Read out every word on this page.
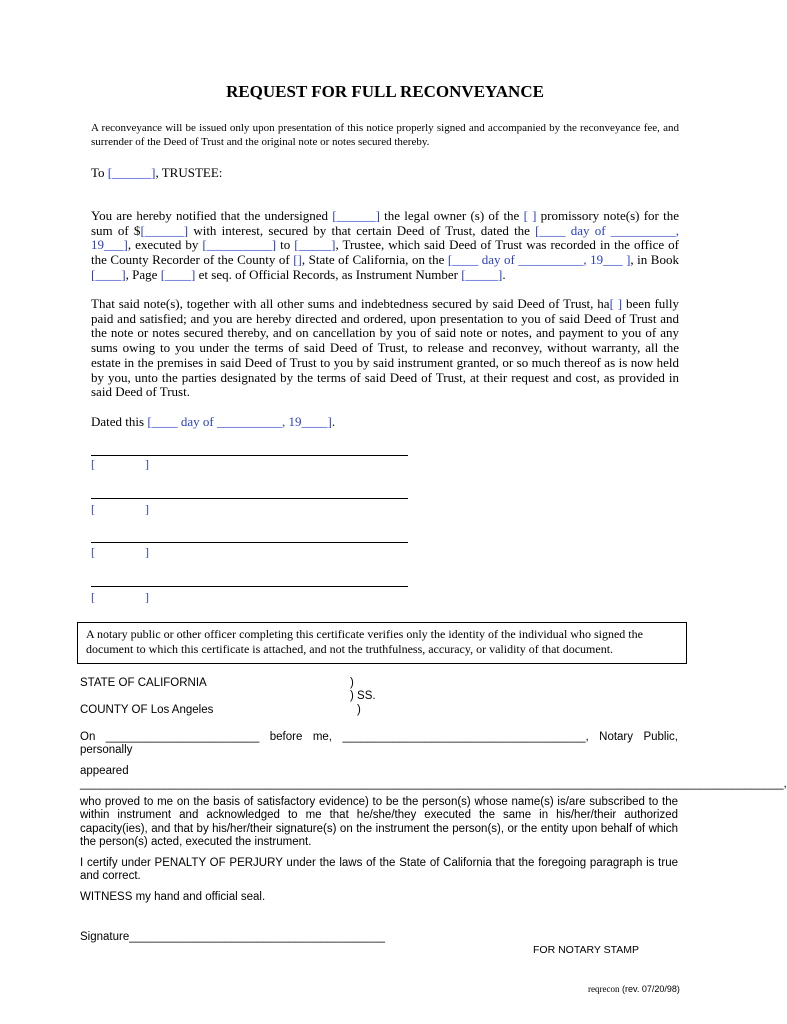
REQUEST FOR FULL RECONVEYANCE
A reconveyance will be issued only upon presentation of this notice properly signed and accompanied by the reconveyance fee, and surrender of the Deed of Trust and the original note or notes secured thereby.
To [______], TRUSTEE:
You are hereby notified that the undersigned [______] the legal owner (s) of the [ ] promissory note(s) for the sum of $[______] with interest, secured by that certain Deed of Trust, dated the [____ day of __________, 19___], executed by [__________] to [_____], Trustee, which said Deed of Trust was recorded in the office of the County Recorder of the County of [], State of California, on the [____ day of __________, 19___ ], in Book [____], Page [____] et seq. of Official Records, as Instrument Number [_____].
That said note(s), together with all other sums and indebtedness secured by said Deed of Trust, ha[ ] been fully paid and satisfied; and you are hereby directed and ordered, upon presentation to you of said Deed of Trust and the note or notes secured thereby, and on cancellation by you of said note or notes, and payment to you of any sums owing to you under the terms of said Deed of Trust, to release and reconvey, without warranty, all the estate in the premises in said Deed of Trust to you by said instrument granted, or so much thereof as is now held by you, unto the parties designated by the terms of said Deed of Trust, at their request and cost, as provided in said Deed of Trust.
Dated this [____ day of __________, 19____].
[	]
[	]
[	]
[	]
A notary public or other officer completing this certificate verifies only the identity of the individual who signed the document to which this certificate is attached, and not the truthfulness, accuracy, or validity of that document.
STATE OF CALIFORNIA	)
) SS.
COUNTY OF Los Angeles	)
On ________________________ before me, ______________________________________, Notary Public,
personally
appeared
______________________________________________________________________________________________________________,
who proved to me on the basis of satisfactory evidence) to be the person(s) whose name(s) is/are subscribed to the within instrument and acknowledged to me that he/she/they executed the same in his/her/their authorized capacity(ies), and that by his/her/their signature(s) on the instrument the person(s), or the entity upon behalf of which the person(s) acted, executed the instrument.
I certify under PENALTY OF PERJURY under the laws of the State of California that the foregoing paragraph is true and correct.
WITNESS my hand and official seal.
Signature________________________________________
FOR NOTARY STAMP
reqrecon (rev. 07/20/98)
